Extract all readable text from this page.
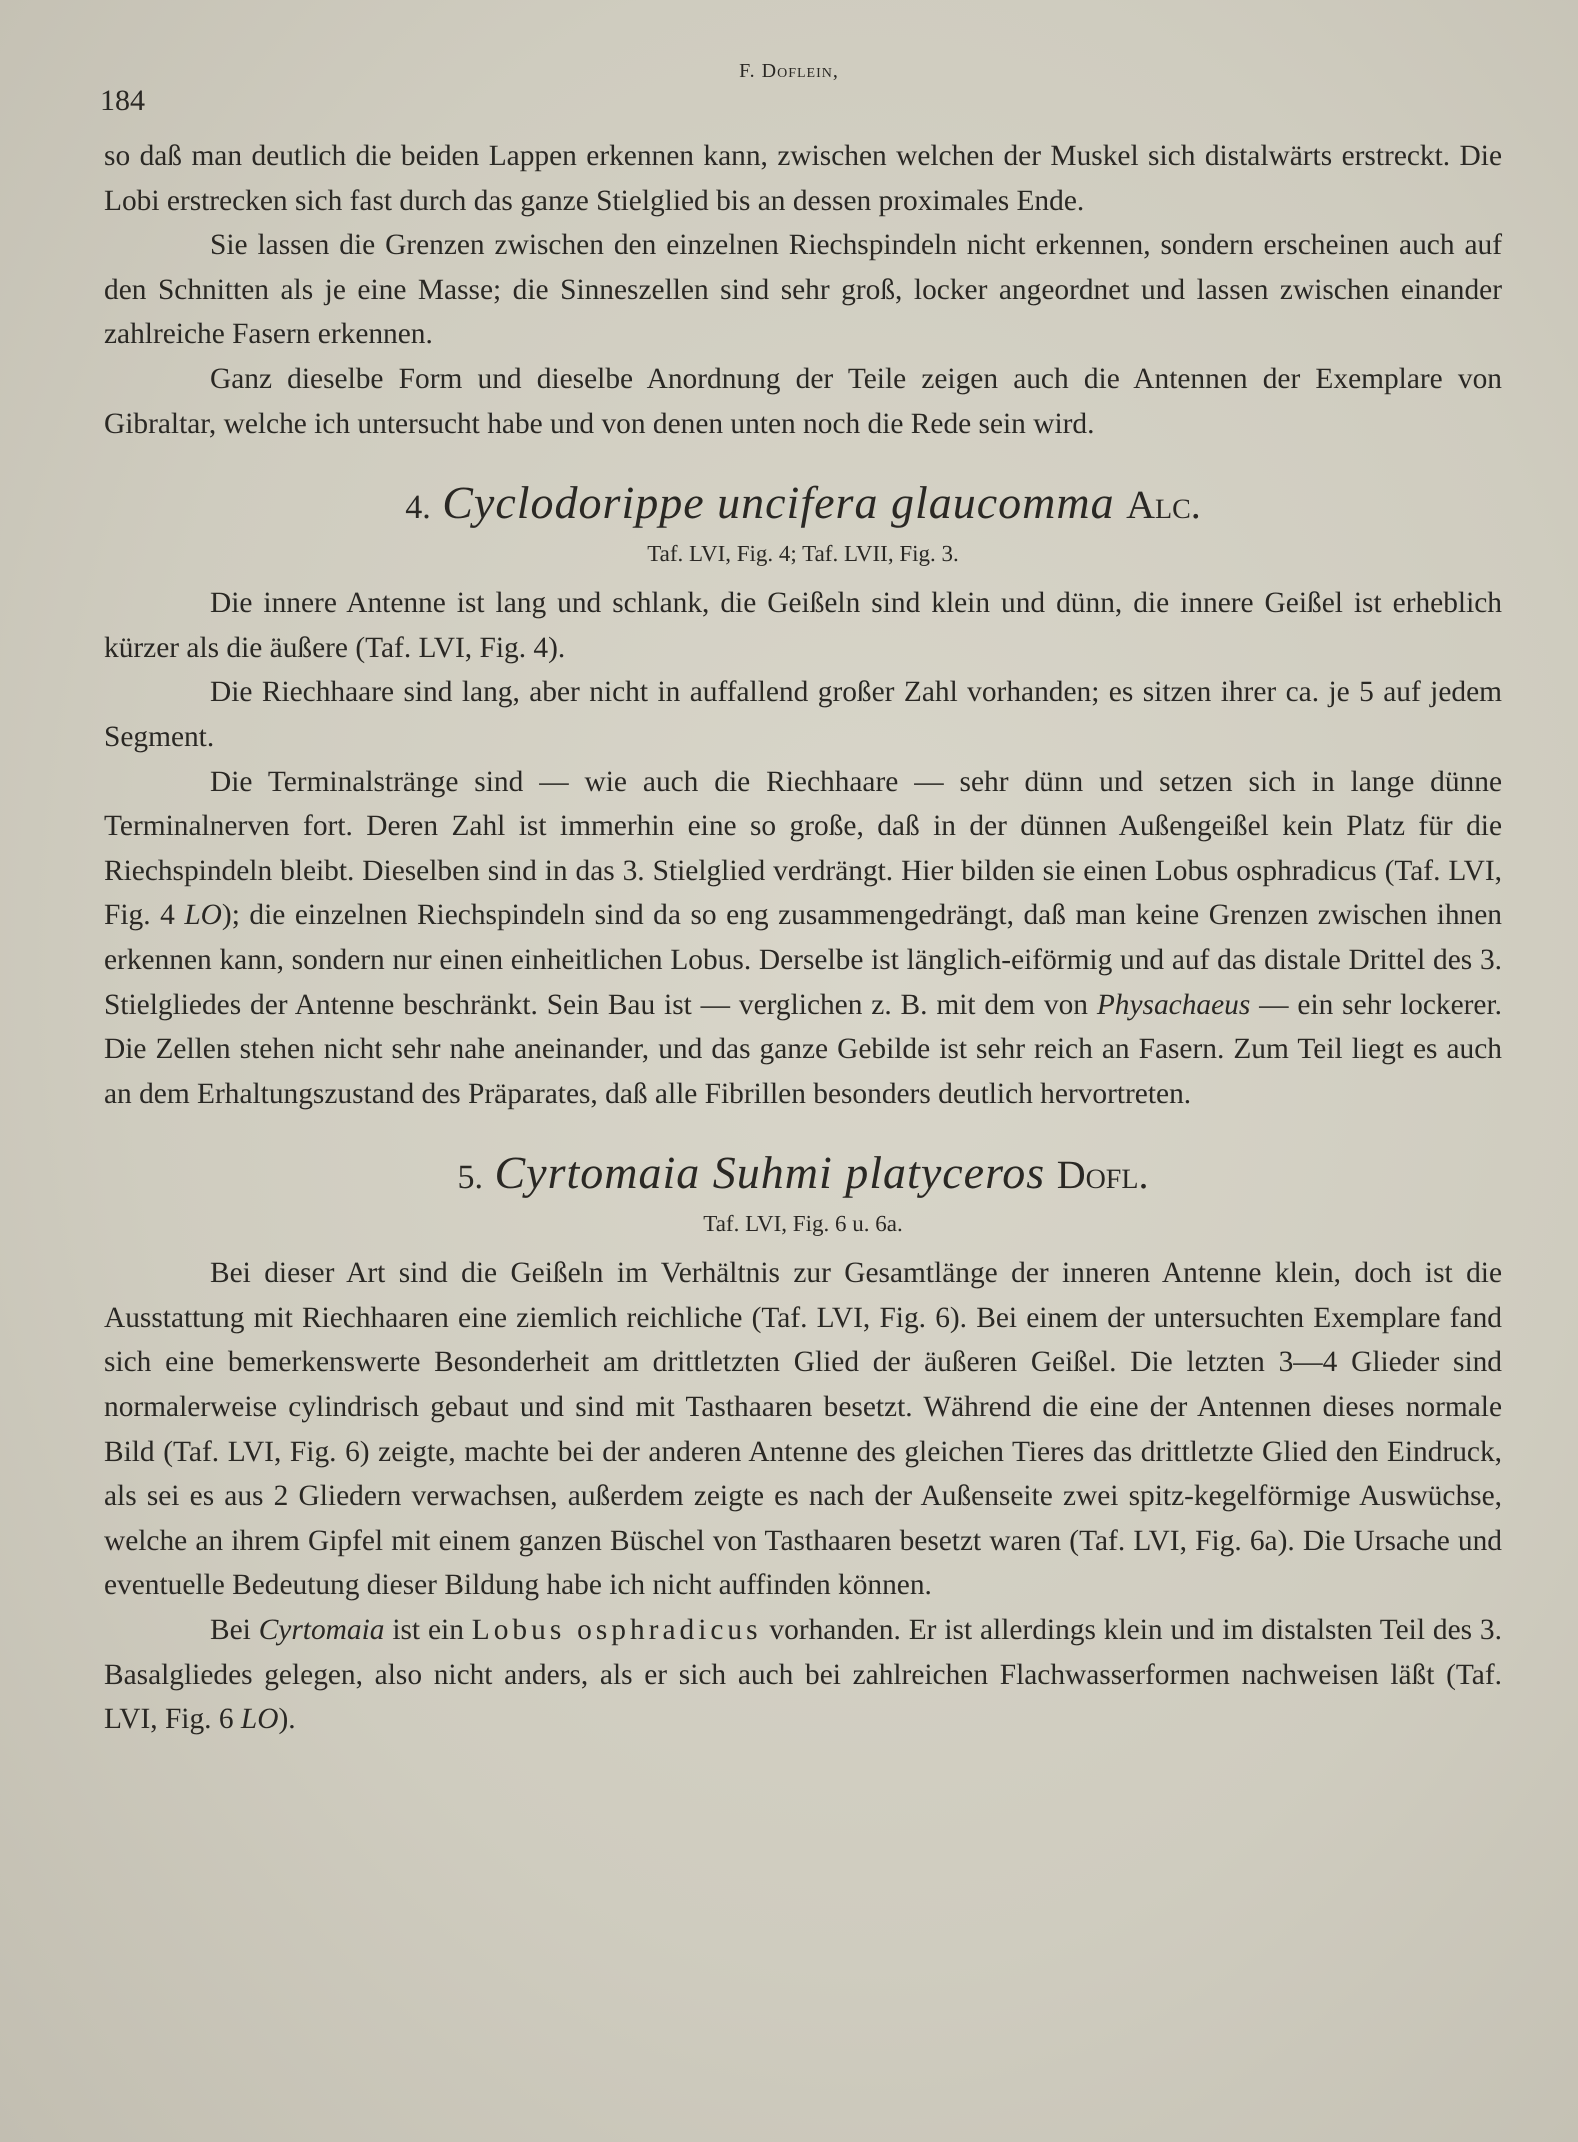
184
F. Doflein,

so daß man deutlich die beiden Lappen erkennen kann, zwischen welchen der Muskel sich distalwärts erstreckt. Die Lobi erstrecken sich fast durch das ganze Stielglied bis an dessen proximales Ende.

Sie lassen die Grenzen zwischen den einzelnen Riechspindeln nicht erkennen, sondern erscheinen auch auf den Schnitten als je eine Masse; die Sinneszellen sind sehr groß, locker angeordnet und lassen zwischen einander zahlreiche Fasern erkennen.

Ganz dieselbe Form und dieselbe Anordnung der Teile zeigen auch die Antennen der Exemplare von Gibraltar, welche ich untersucht habe und von denen unten noch die Rede sein wird.

4. Cyclodorippe uncifera glaucomma Alc.
Taf. LVI, Fig. 4; Taf. LVII, Fig. 3.

Die innere Antenne ist lang und schlank, die Geißeln sind klein und dünn, die innere Geißel ist erheblich kürzer als die äußere (Taf. LVI, Fig. 4).

Die Riechhaare sind lang, aber nicht in auffallend großer Zahl vorhanden; es sitzen ihrer ca. je 5 auf jedem Segment.

Die Terminalstränge sind — wie auch die Riechhaare — sehr dünn und setzen sich in lange dünne Terminalnerven fort. Deren Zahl ist immerhin eine so große, daß in der dünnen Außengeißel kein Platz für die Riechspindeln bleibt. Dieselben sind in das 3. Stielglied verdrängt. Hier bilden sie einen Lobus osphradicus (Taf. LVI, Fig. 4 LO); die einzelnen Riechspindeln sind da so eng zusammengedrängt, daß man keine Grenzen zwischen ihnen erkennen kann, sondern nur einen einheitlichen Lobus. Derselbe ist länglich-eiförmig und auf das distale Drittel des 3. Stielgliedes der Antenne beschränkt. Sein Bau ist — verglichen z. B. mit dem von Physachaeus — ein sehr lockerer. Die Zellen stehen nicht sehr nahe aneinander, und das ganze Gebilde ist sehr reich an Fasern. Zum Teil liegt es auch an dem Erhaltungszustand des Präparates, daß alle Fibrillen besonders deutlich hervortreten.

5. Cyrtomaia Suhmi platyceros Dofl.
Taf. LVI, Fig. 6 u. 6a.

Bei dieser Art sind die Geißeln im Verhältnis zur Gesamtlänge der inneren Antenne klein, doch ist die Ausstattung mit Riechhaaren eine ziemlich reichliche (Taf. LVI, Fig. 6). Bei einem der untersuchten Exemplare fand sich eine bemerkenswerte Besonderheit am drittletzten Glied der äußeren Geißel. Die letzten 3—4 Glieder sind normalerweise cylindrisch gebaut und sind mit Tasthaaren besetzt. Während die eine der Antennen dieses normale Bild (Taf. LVI, Fig. 6) zeigte, machte bei der anderen Antenne des gleichen Tieres das drittletzte Glied den Eindruck, als sei es aus 2 Gliedern verwachsen, außerdem zeigte es nach der Außenseite zwei spitz-kegelförmige Auswüchse, welche an ihrem Gipfel mit einem ganzen Büschel von Tasthaaren besetzt waren (Taf. LVI, Fig. 6a). Die Ursache und eventuelle Bedeutung dieser Bildung habe ich nicht auffinden können.

Bei Cyrtomaia ist ein Lobus osphradicus vorhanden. Er ist allerdings klein und im distalsten Teil des 3. Basalgliedes gelegen, also nicht anders, als er sich auch bei zahlreichen Flachwasserformen nachweisen läßt (Taf. LVI, Fig. 6 LO).
